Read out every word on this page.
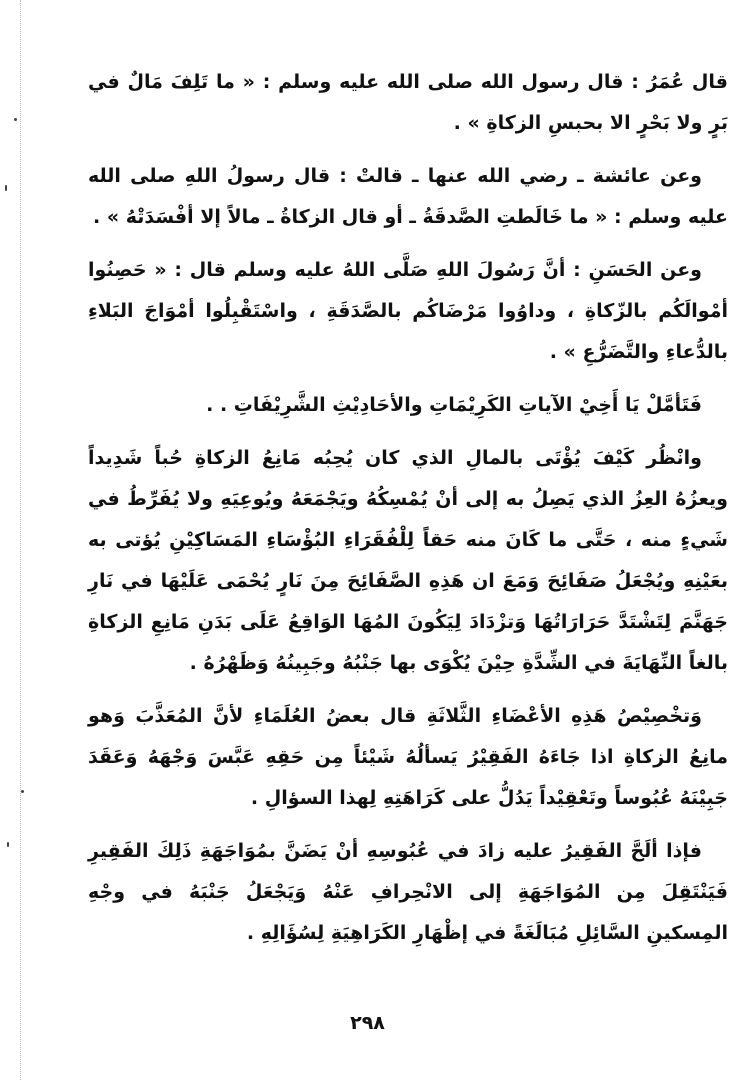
قال عُمَرُ : قال رسول الله صلى الله عليه وسلم : « ما تَلِفَ مَالٌ في بَرٍ ولا بَحْرٍ الا بحبسِ الزكاةِ » .

وعن عائشة ـ رضي الله عنها ـ قالتْ : قال رسولُ اللهِ صلى الله عليه وسلم : « ما خَالَطتِ الصَّدقَةُ ـ أو قال الزكاةُ ـ مالاً إلا أفْسَدَتْهُ » .

وعن الحَسَنِ : أنَّ رَسُولَ اللهِ صَلَّى اللهُ عليه وسلم قال : « حَصِنُوا أمْوالَكُم بالزّكاةِ ، وداوُوا مَرْضَاكُم بالصَّدَقَةِ ، واسْتَقْبِلُوا أمْوَاجَ البَلاءِ بالدُّعاءِ والتَّضَرُّعِ » .

فَتَأمَّلْ يَا أَخِيْ الآياتِ الكَرِيْمَاتِ والأحَادِيْثِ الشَّرِيْفَاتِ . .

وانْظُر كَيْفَ يُؤْتَى بالمالِ الذي كان يُحِبُه مَانِعُ الزكاةِ حُباً شَدِيداً ويعزُهُ العِزُ الذي يَصِلُ به إلى أنْ يُمْسِكُهُ ويَجْمَعَهُ ويُوعِيَهِ ولا يُفَرِّطُ في شَيءٍ منه ، حَتَّى ما كَانَ منه حَقاً لِلْفُقَرَاءِ البُؤْسَاءِ المَسَاكِيْنِ يُؤتى به بعَيْنِهِ ويُجْعَلُ صَفَائِحَ وَمَعَ ان هَذِهِ الصَّفَائِحَ مِنَ نَارٍ يُحْمَى عَلَيْهَا في نَارِ جَهَنَّمَ لِتَشْتَدَّ حَرَارَاتُهَا وَتزْدَادَ لِيَكُونَ المُهَا الوَاقِعُ عَلَى بَدَنِ مَانِعِ الزكاةِ بالغاً النِّهَايَةَ في الشِّدَّةِ حِيْنَ يُكْوَى بها جَنْبُهُ وجَبِينُهُ وَظَهْرُهُ .

وَتخْصِيْصُ هَذِهِ الأعْضَاءِ الثَّلاثَةِ قال بعضُ العُلَمَاءِ لأنَّ المُعَذَّبَ وَهو مانِعُ الزكاةِ اذا جَاءَهُ الفَقِيْرُ يَسألُهُ شَيْئاً مِن حَقِهِ عَبَّسَ وَجْهَهُ وَعَقَدَ جَبِيْنَهُ عُبُوساً وتَعْقِيْداً يَدُلُّ على كَرَاهَتِهِ لِهذا السؤالِ .

فإذا ألَحَّ الفَقِيرُ عليه زادَ في عُبُوسِهِ أنْ يَضَنَّ بمُوَاجَهَةِ ذَلِكَ الفَقِيرِ فَيَنْتَقِلَ مِن المُوَاجَهَةِ إلى الانْحِرافِ عَنْهُ وَيَجْعَلُ جَنْبَهُ في وجْهِ المِسكينِ السَّائِلِ مُبَالَغَةً في إظْهَارِ الكَرَاهِيَةِ لِسُؤَالِهِ .

٢٩٨
